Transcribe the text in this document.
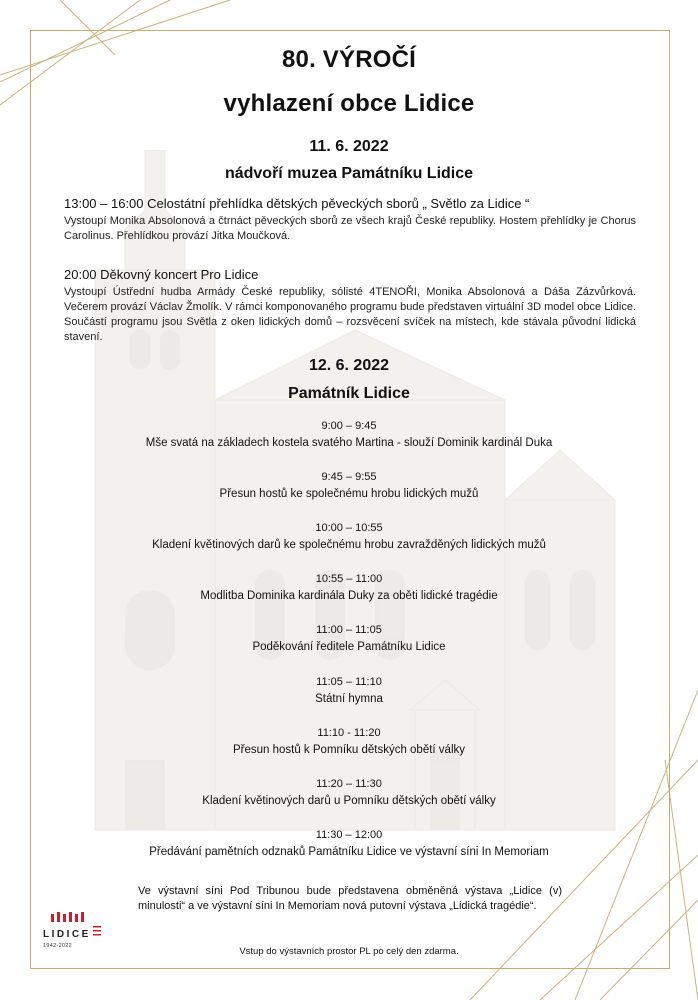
80. VÝROČÍ
vyhlazení obce Lidice
11. 6. 2022
nádvoří muzea Památníku Lidice
13:00 – 16:00 Celostátní přehlídka dětských pěveckých sborů „ Světlo za Lidice “
Vystoupí Monika Absolonová a čtrnáct pěveckých sborů ze všech krajů České republiky. Hostem přehlídky je Chorus Carolinus. Přehlídkou provází Jitka Moučková.
20:00 Děkovný koncert Pro Lidice
Vystoupí Ústřední hudba Armády České republiky, sólisté 4TENOŘI, Monika Absolonová a Dáša Zázvůrková. Večerem provází Václav Žmolík. V rámci komponovaného programu bude představen virtuální 3D model obce Lidice. Součástí programu jsou Světla z oken lidických domů – rozsvěcení svíček na místech, kde stávala původní lidická stavení.
12. 6. 2022
Památník Lidice
9:00 – 9:45
Mše svatá na základech kostela svatého Martina - slouží Dominik kardinál Duka
9:45 – 9:55
Přesun hostů ke společnému hrobu lidických mužů
10:00 – 10:55
Kladení květinových darů ke společnému hrobu zavražděných lidických mužů
10:55 – 11:00
Modlitba Dominika kardinála Duky za oběti lidické tragédie
11:00 – 11:05
Poděkování ředitele Památníku Lidice
11:05 – 11:10
Státní hymna
11:10 - 11:20
Přesun hostů k Pomníku dětských obětí války
11:20 – 11:30
Kladení květinových darů u Pomníku dětských obětí války
11:30 – 12:00
Předávání pamětních odznaků Památníku Lidice ve výstavní síni In Memoriam
Ve výstavní síni Pod Tribunou bude představena obměněná výstava „Lidice (v) minulosti“ a ve výstavní síni In Memoriam nová putovní výstava „Lidická tragédie“.
Vstup do výstavních prostor PL po celý den zdarma.
LIDICE
1942-2022
